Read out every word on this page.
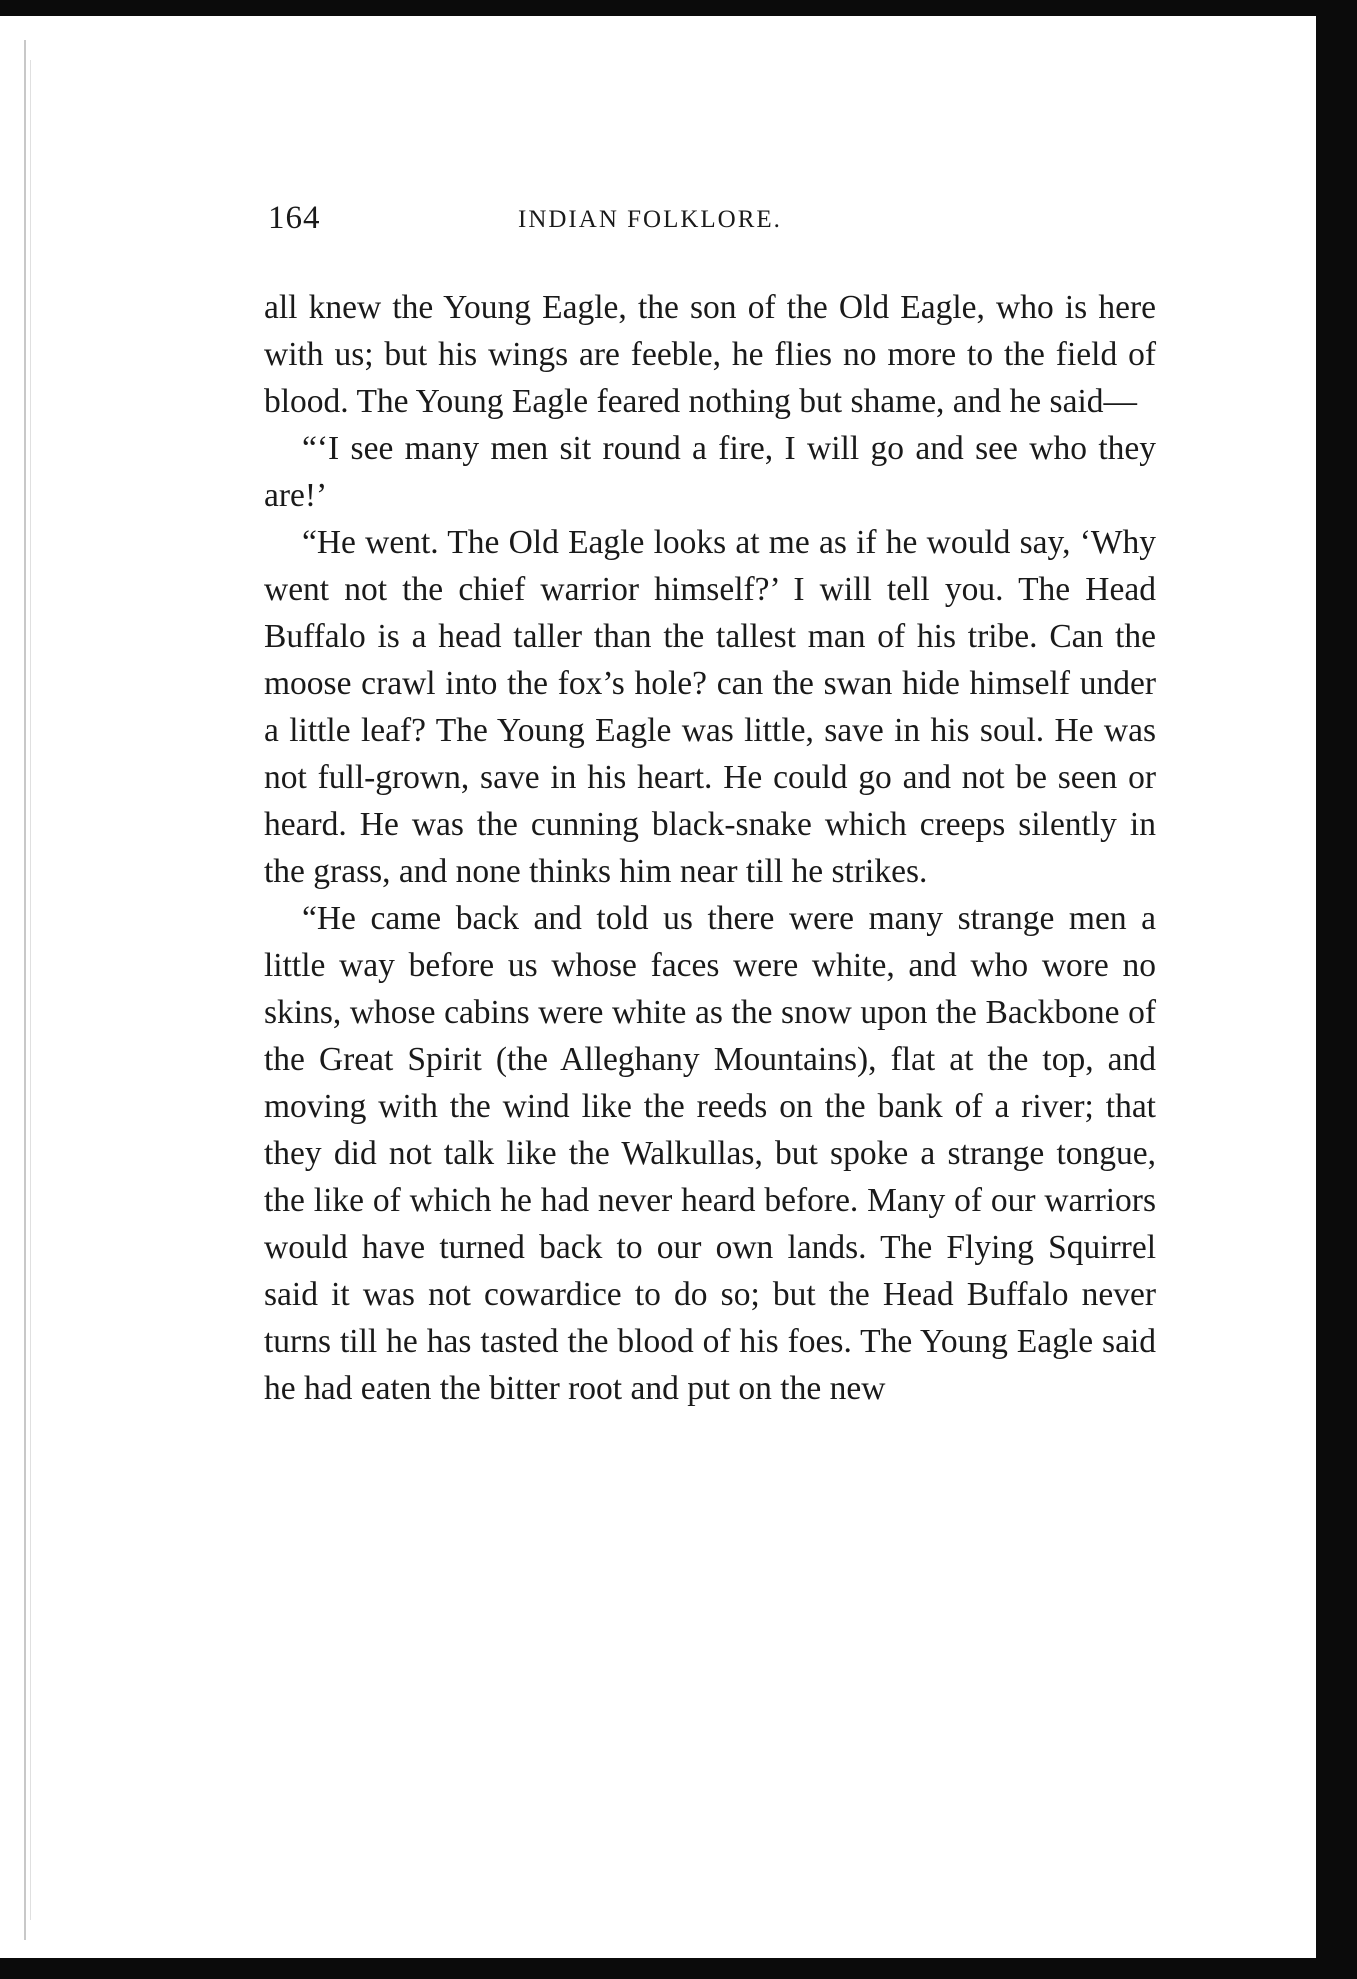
164	INDIAN FOLKLORE.

all knew the Young Eagle, the son of the Old Eagle, who is here with us; but his wings are feeble, he flies no more to the field of blood. The Young Eagle feared nothing but shame, and he said—

“‘I see many men sit round a fire, I will go and see who they are!’

“He went. The Old Eagle looks at me as if he would say, ‘Why went not the chief warrior himself?’ I will tell you. The Head Buffalo is a head taller than the tallest man of his tribe. Can the moose crawl into the fox’s hole? can the swan hide himself under a little leaf? The Young Eagle was little, save in his soul. He was not full-grown, save in his heart. He could go and not be seen or heard. He was the cunning black-snake which creeps silently in the grass, and none thinks him near till he strikes.

“He came back and told us there were many strange men a little way before us whose faces were white, and who wore no skins, whose cabins were white as the snow upon the Backbone of the Great Spirit (the Alleghany Mountains), flat at the top, and moving with the wind like the reeds on the bank of a river; that they did not talk like the Walkullas, but spoke a strange tongue, the like of which he had never heard before. Many of our warriors would have turned back to our own lands. The Flying Squirrel said it was not cowardice to do so; but the Head Buffalo never turns till he has tasted the blood of his foes. The Young Eagle said he had eaten the bitter root and put on the new
